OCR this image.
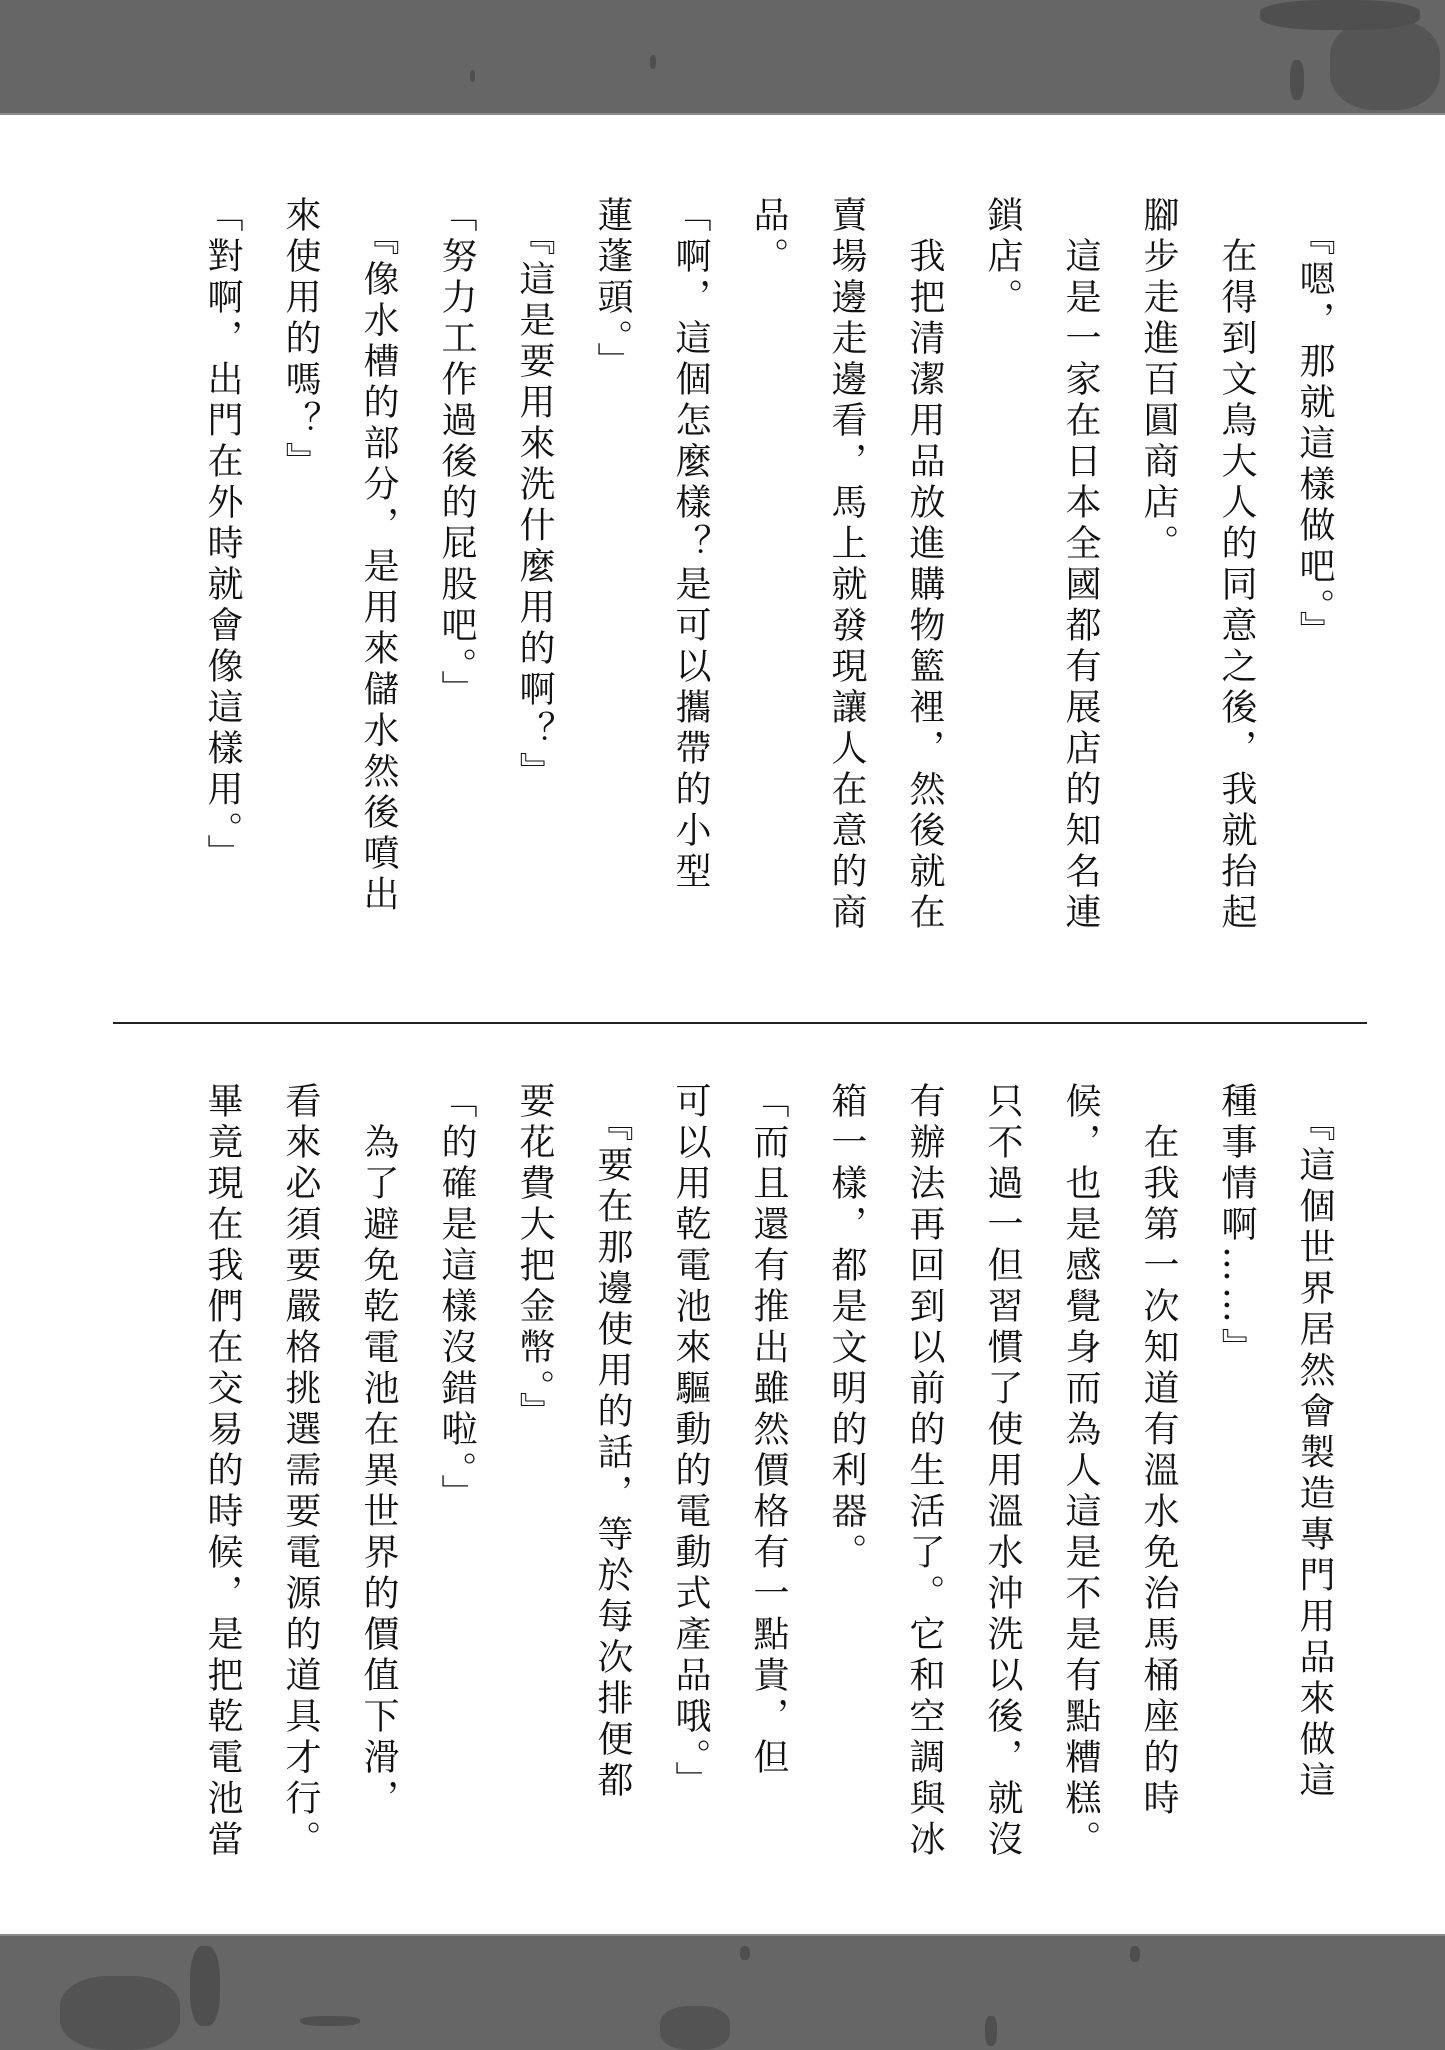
　『嗯，那就這樣做吧。』
　在得到文鳥大人的同意之後，我就抬起
腳步走進百圓商店。
　這是一家在日本全國都有展店的知名連
鎖店。
　我把清潔用品放進購物籃裡，然後就在
賣場邊走邊看，馬上就發現讓人在意的商
品。
「啊，這個怎麼樣？是可以攜帶的小型
蓮蓬頭。」
　『這是要用來洗什麼用的啊？』
「努力工作過後的屁股吧。」
　『像水槽的部分，是用來儲水然後噴出
來使用的嗎？』
「對啊，出門在外時就會像這樣用。」
　『這個世界居然會製造專門用品來做這
種事情啊……』
　在我第一次知道有溫水免治馬桶座的時
候，也是感覺身而為人這是不是有點糟糕。
只不過一但習慣了使用溫水沖洗以後，就沒
有辦法再回到以前的生活了。它和空調與冰
箱一樣，都是文明的利器。
「而且還有推出雖然價格有一點貴，但
可以用乾電池來驅動的電動式產品哦。」
　『要在那邊使用的話，等於每次排便都
要花費大把金幣。』
「的確是這樣沒錯啦。」
　為了避免乾電池在異世界的價值下滑，
看來必須要嚴格挑選需要電源的道具才行。
畢竟現在我們在交易的時候，是把乾電池當
